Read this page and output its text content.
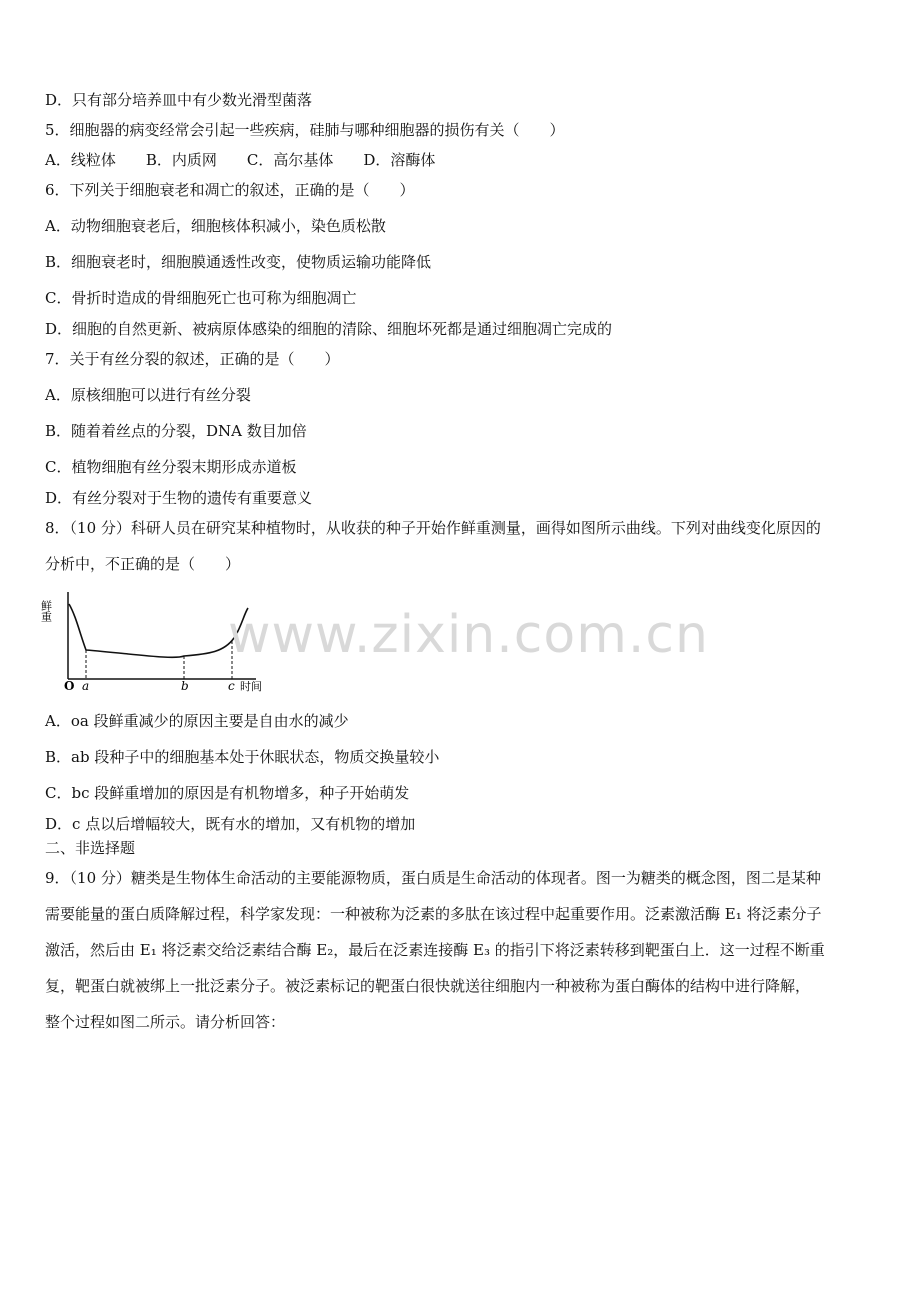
D．只有部分培养皿中有少数光滑型菌落
5．细胞器的病变经常会引起一些疾病，硅肺与哪种细胞器的损伤有关（　　）
A．线粒体　　B．内质网　　C．高尔基体　　D．溶酶体
6．下列关于细胞衰老和凋亡的叙述，正确的是（　　）
A．动物细胞衰老后，细胞核体积减小，染色质松散
B．细胞衰老时，细胞膜通透性改变，使物质运输功能降低
C．骨折时造成的骨细胞死亡也可称为细胞凋亡
D．细胞的自然更新、被病原体感染的细胞的清除、细胞坏死都是通过细胞凋亡完成的
7．关于有丝分裂的叙述，正确的是（　　）
A．原核细胞可以进行有丝分裂
B．随着着丝点的分裂，DNA 数目加倍
C．植物细胞有丝分裂末期形成赤道板
D．有丝分裂对于生物的遗传有重要意义
8．（10 分）科研人员在研究某种植物时，从收获的种子开始作鲜重测量，画得如图所示曲线。下列对曲线变化原因的
分析中，不正确的是（　　）
鲜重
O a	b	c 时间
www.zixin.com.cn
A．oa 段鲜重减少的原因主要是自由水的减少
B．ab 段种子中的细胞基本处于休眠状态，物质交换量较小
C．bc 段鲜重增加的原因是有机物增多，种子开始萌发
D．c 点以后增幅较大，既有水的增加，又有机物的增加
二、非选择题
9．（10 分）糖类是生物体生命活动的主要能源物质，蛋白质是生命活动的体现者。图一为糖类的概念图，图二是某种
需要能量的蛋白质降解过程，科学家发现：一种被称为泛素的多肽在该过程中起重要作用。泛素激活酶 E₁ 将泛素分子
激活，然后由 E₁ 将泛素交给泛素结合酶 E₂，最后在泛素连接酶 E₃ 的指引下将泛素转移到靶蛋白上．这一过程不断重
复，靶蛋白就被绑上一批泛素分子。被泛素标记的靶蛋白很快就送往细胞内一种被称为蛋白酶体的结构中进行降解，
整个过程如图二所示。请分析回答：
